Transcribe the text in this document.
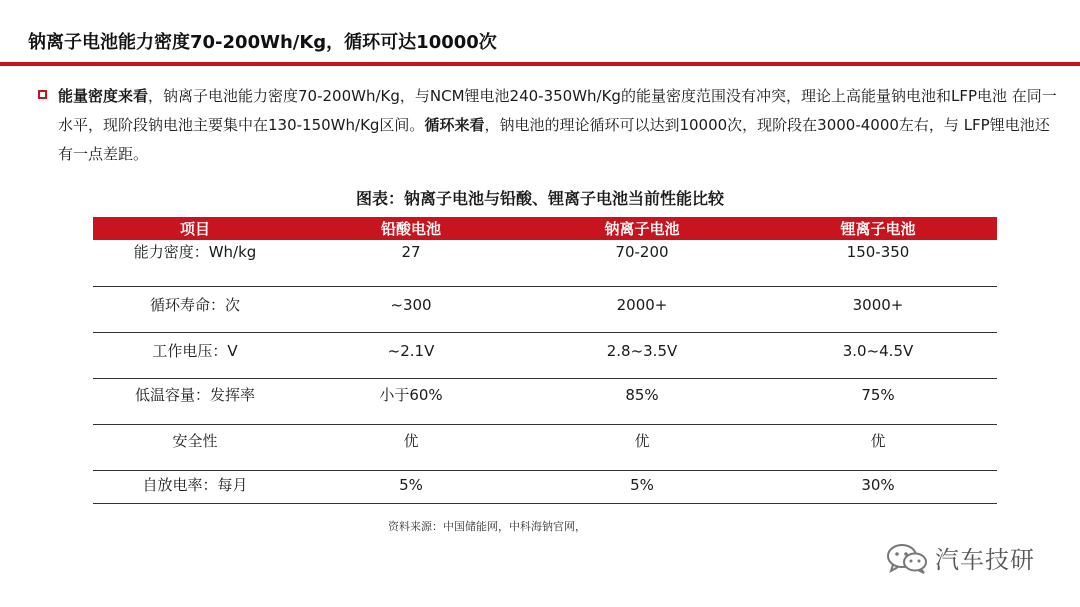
钠离子电池能力密度70-200Wh/Kg，循环可达10000次
能量密度来看，钠离子电池能力密度70-200Wh/Kg，与NCM锂电池240-350Wh/Kg的能量密度范围没有冲突，理论上高能量钠电池和LFP电池 在同一水平，现阶段钠电池主要集中在130-150Wh/Kg区间。循环来看，钠电池的理论循环可以达到10000次，现阶段在3000-4000左右，与 LFP锂电池还有一点差距。
图表：钠离子电池与铅酸、锂离子电池当前性能比较
项目	铅酸电池	钠离子电池	锂离子电池
能力密度：Wh/kg	27	70-200	150-350
循环寿命：次	~300	2000+	3000+
工作电压：V	~2.1V	2.8~3.5V	3.0~4.5V
低温容量：发挥率	小于60%	85%	75%
安全性	优	优	优
自放电率：每月	5%	5%	30%
资料来源：中国储能网，中科海钠官网，
汽车技研
